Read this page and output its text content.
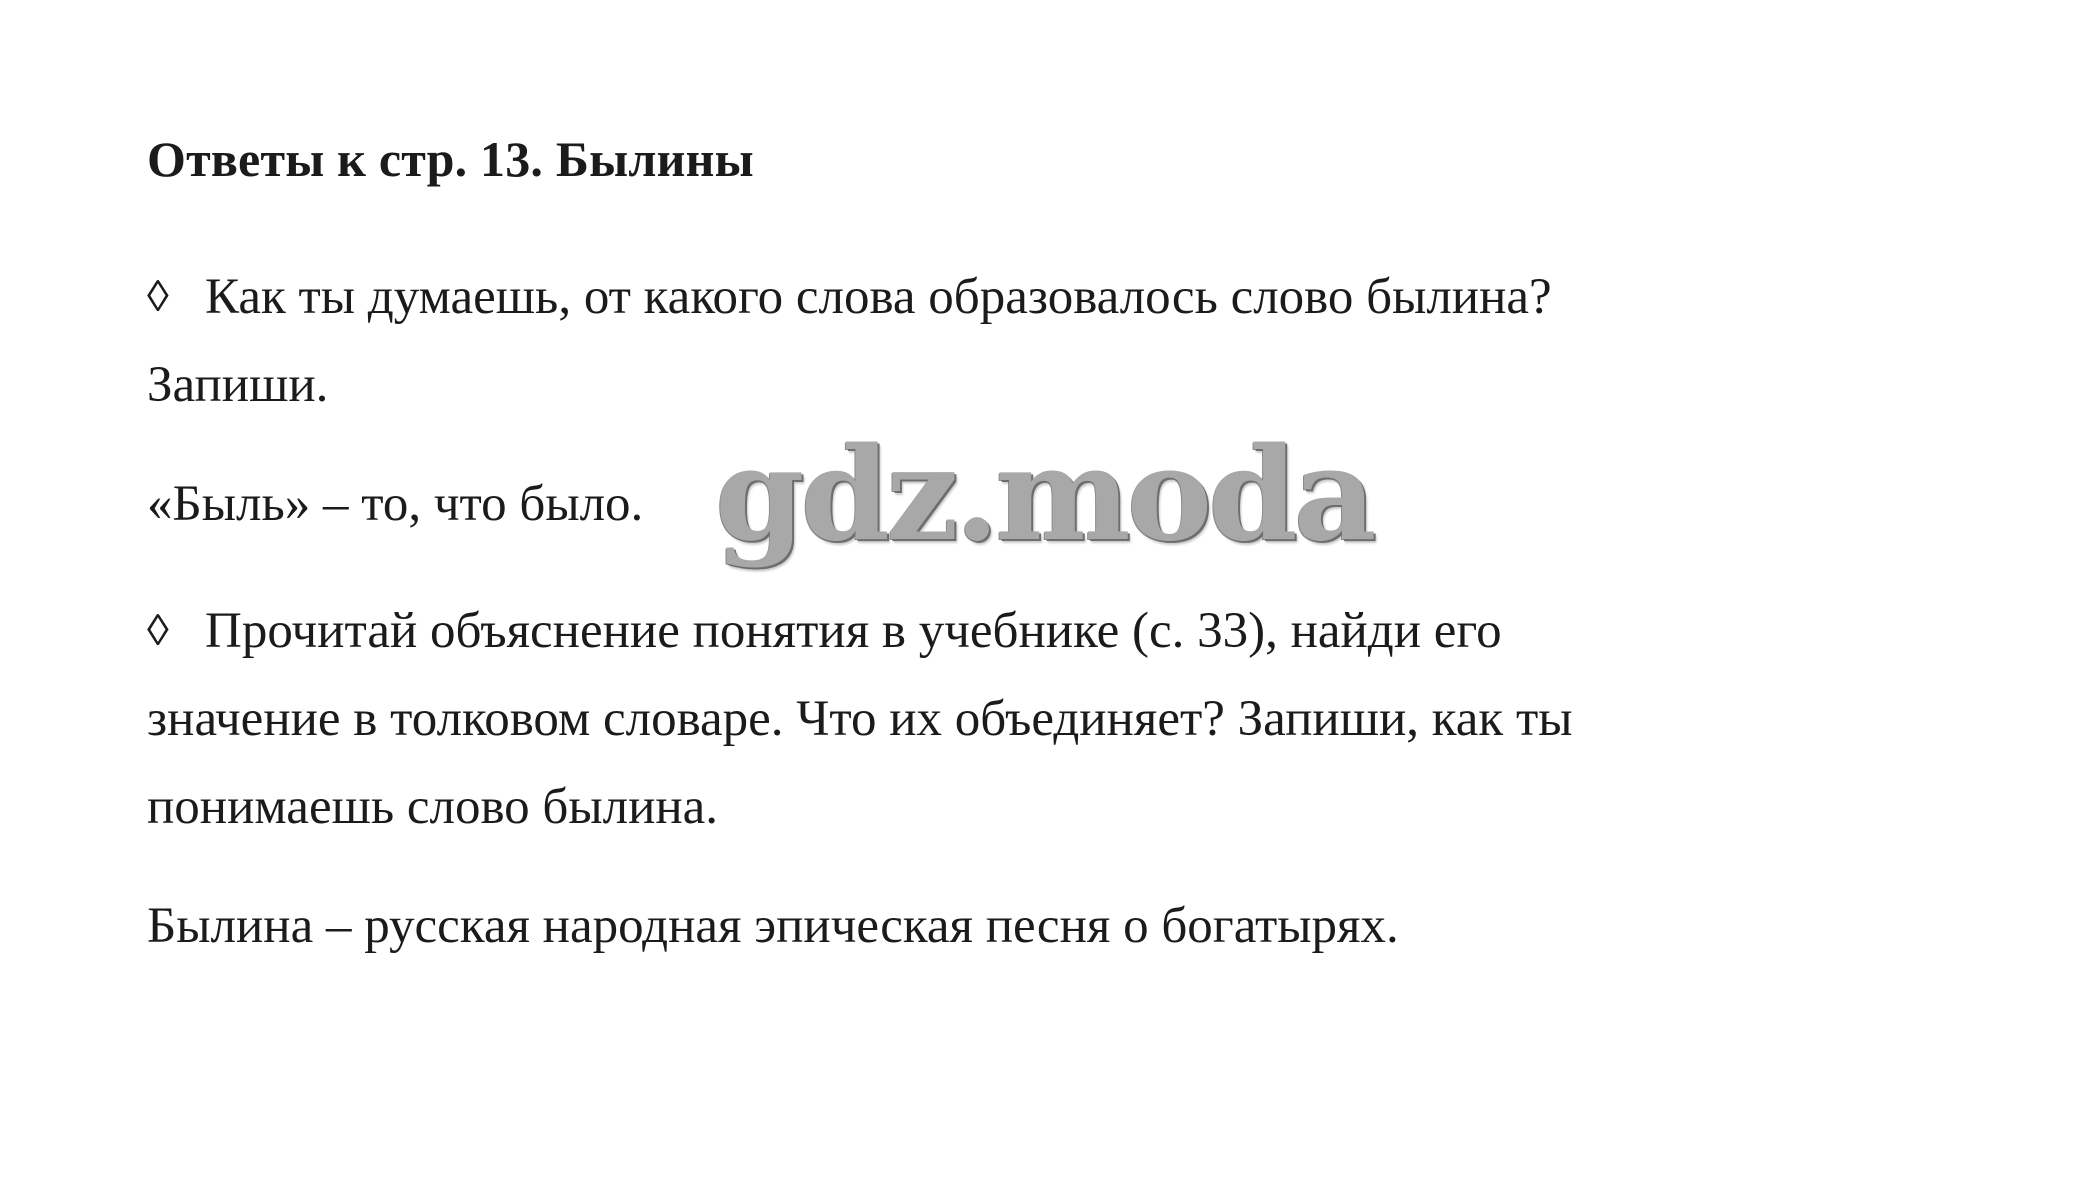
Ответы к стр. 13. Былины
◊ Как ты думаешь, от какого слова образовалось слово былина?
Запиши.
«Быль» – то, что было.
◊ Прочитай объяснение понятия в учебнике (с. 33), найди его
значение в толковом словаре. Что их объединяет? Запиши, как ты
понимаешь слово былина.
Былина – русская народная эпическая песня о богатырях.
gdz.moda
